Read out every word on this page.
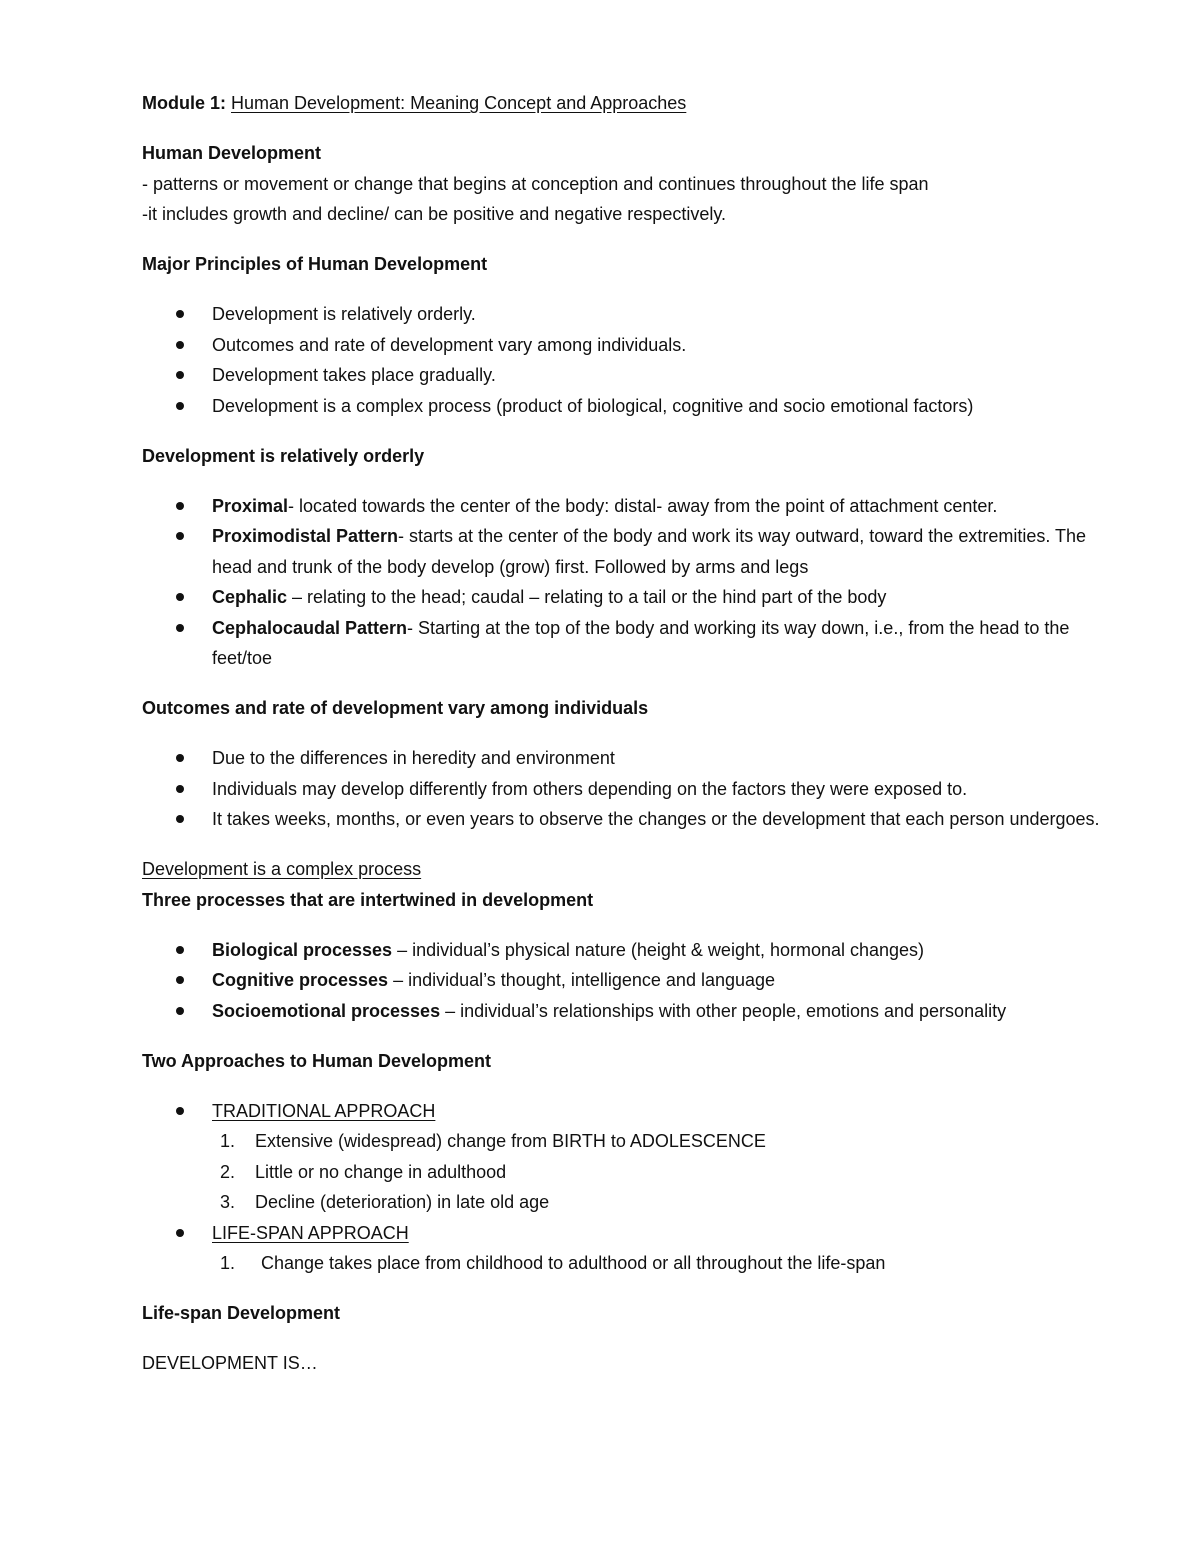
Module 1: Human Development: Meaning Concept and Approaches
Human Development
- patterns or movement or change that begins at conception and continues throughout the life span
-it includes growth and decline/ can be positive and negative respectively.
Major Principles of Human Development
Development is relatively orderly.
Outcomes and rate of development vary among individuals.
Development takes place gradually.
Development is a complex process (product of biological, cognitive and socio emotional factors)
Development is relatively orderly
Proximal- located towards the center of the body: distal- away from the point of attachment center.
Proximodistal Pattern- starts at the center of the body and work its way outward, toward the extremities. The head and trunk of the body develop (grow) first. Followed by arms and legs
Cephalic – relating to the head; caudal – relating to a tail or the hind part of the body
Cephalocaudal Pattern- Starting at the top of the body and working its way down, i.e., from the head to the feet/toe
Outcomes and rate of development vary among individuals
Due to the differences in heredity and environment
Individuals may develop differently from others depending on the factors they were exposed to.
It takes weeks, months, or even years to observe the changes or the development that each person undergoes.
Development is a complex process
Three processes that are intertwined in development
Biological processes – individual’s physical nature (height & weight, hormonal changes)
Cognitive processes – individual’s thought, intelligence and language
Socioemotional processes – individual’s relationships with other people, emotions and personality
Two Approaches to Human Development
TRADITIONAL APPROACH
1. Extensive (widespread) change from BIRTH to ADOLESCENCE
2. Little or no change in adulthood
3. Decline (deterioration) in late old age
LIFE-SPAN APPROACH
1. Change takes place from childhood to adulthood or all throughout the life-span
Life-span Development
DEVELOPMENT IS…
